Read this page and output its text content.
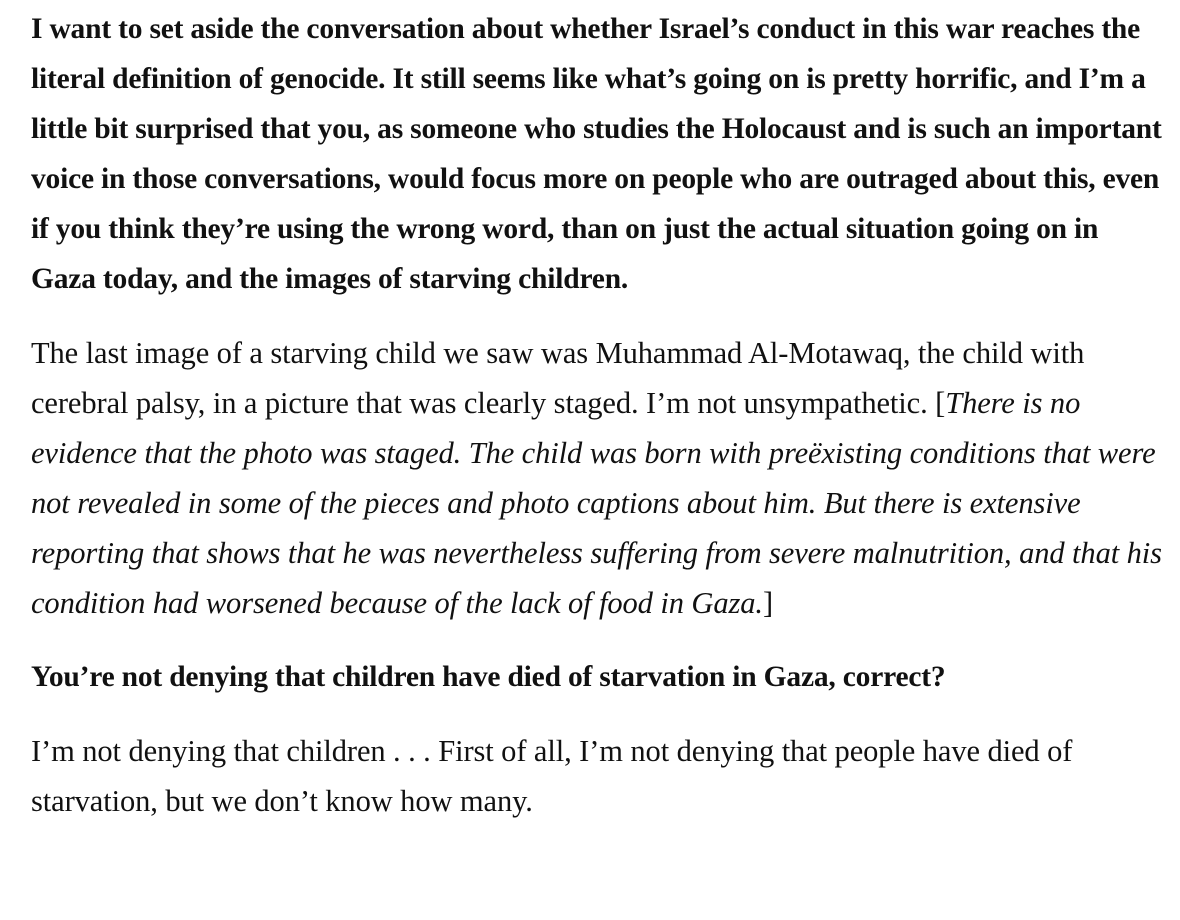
I want to set aside the conversation about whether Israel’s conduct in this war reaches the literal definition of genocide. It still seems like what’s going on is pretty horrific, and I’m a little bit surprised that you, as someone who studies the Holocaust and is such an important voice in those conversations, would focus more on people who are outraged about this, even if you think they’re using the wrong word, than on just the actual situation going on in Gaza today, and the images of starving children.

The last image of a starving child we saw was Muhammad Al-Motawaq, the child with cerebral palsy, in a picture that was clearly staged. I’m not unsympathetic. [There is no evidence that the photo was staged. The child was born with preëxisting conditions that were not revealed in some of the pieces and photo captions about him. But there is extensive reporting that shows that he was nevertheless suffering from severe malnutrition, and that his condition had worsened because of the lack of food in Gaza.]

You’re not denying that children have died of starvation in Gaza, correct?

I’m not denying that children . . . First of all, I’m not denying that people have died of starvation, but we don’t know how many.
